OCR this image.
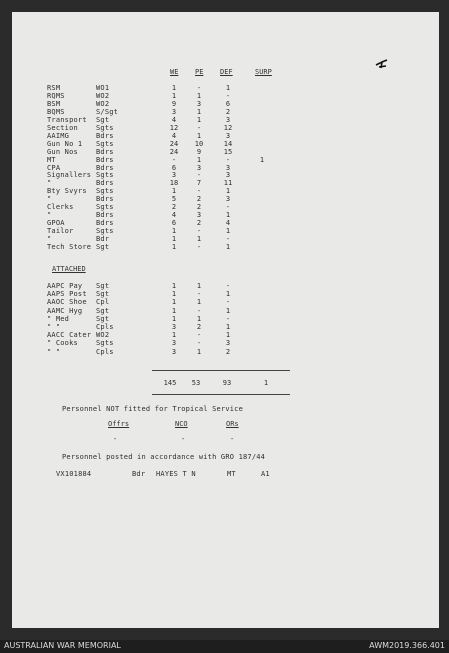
WE PE DEF	SURP
RSM	WO1	1	-	1
RQMS	WO2	1	1	-
BSM	WO2	9	3	6
BQMS	S/Sgt	3	1	2
Transport Sgt	4	1	3
Section	Sgts	12	-	12
AAIMG	Bdrs	4	1	3
Gun No 1 Sgts	24	10	14
Gun Nos	Bdrs	24	9	15
MT	Bdrs	-	1	-	1
CPA	Bdrs	6	3	3
Signallers Sgts	3	-	3
"	Bdrs	18	7	11
Bty Svyrs Sgts	1	-	1
"	Bdrs	5	2	3
Clerks	Sgts	2	2	-
"	Bdrs	4	3	1
GPOA	Bdrs	6	2	4
Tailor	Sgts	1	-	1
"	Bdr	1	1	-
Tech Store Sgt	1	-	1
ATTACHED
AAPC Pay Sgt	1	1	-
AAPS Post Sgt	1	-	1
AAOC Shoe Cpl	1	1	-
AAMC Hyg Sgt	1	-	1
" Med	Sgt	1	1	-
" "	Cpls	3	2	1
AACC Cater WO2	1	-	1
" Cooks	Sgts	3	-	3
" "	Cpls	3	1	2
145	53	93	1
Personnel NOT fitted for Tropical Service
Offrs	NCO	ORs
-	-	-
Personnel posted in accordance with GRO 187/44
VX101884	Bdr HAYES T N	MT	A1
AUSTRALIAN WAR MEMORIAL	AWM2019.366.401
